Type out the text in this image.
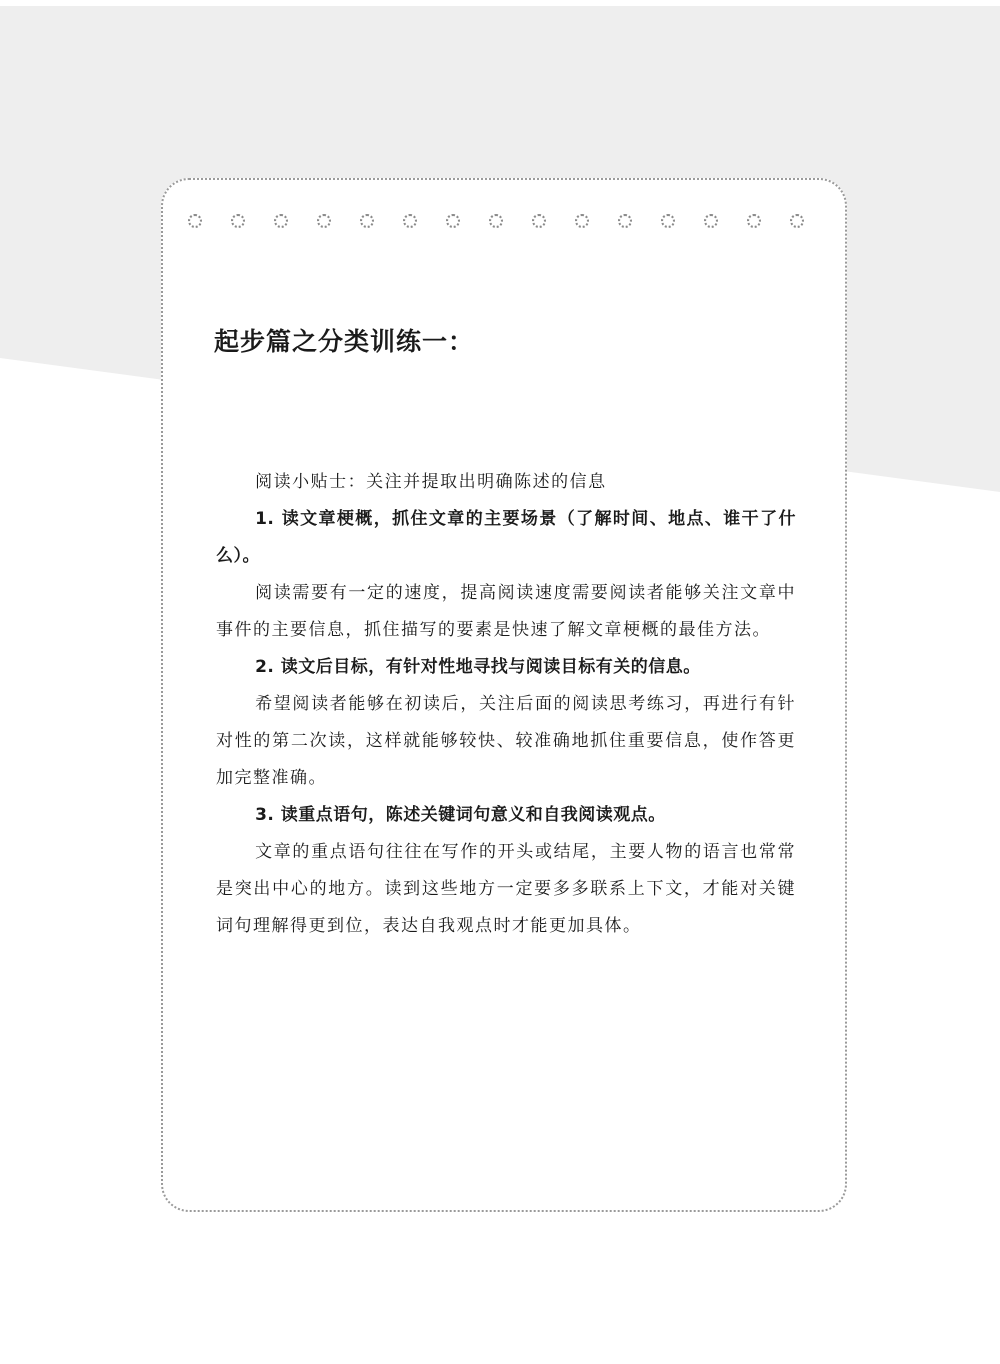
起步篇之分类训练一：

阅读小贴士：关注并提取出明确陈述的信息

1. 读文章梗概，抓住文章的主要场景（了解时间、地点、谁干了什么）。

阅读需要有一定的速度，提高阅读速度需要阅读者能够关注文章中事件的主要信息，抓住描写的要素是快速了解文章梗概的最佳方法。

2. 读文后目标，有针对性地寻找与阅读目标有关的信息。

希望阅读者能够在初读后，关注后面的阅读思考练习，再进行有针对性的第二次读，这样就能够较快、较准确地抓住重要信息，使作答更加完整准确。

3. 读重点语句，陈述关键词句意义和自我阅读观点。

文章的重点语句往往在写作的开头或结尾，主要人物的语言也常常是突出中心的地方。读到这些地方一定要多多联系上下文，才能对关键词句理解得更到位，表达自我观点时才能更加具体。
